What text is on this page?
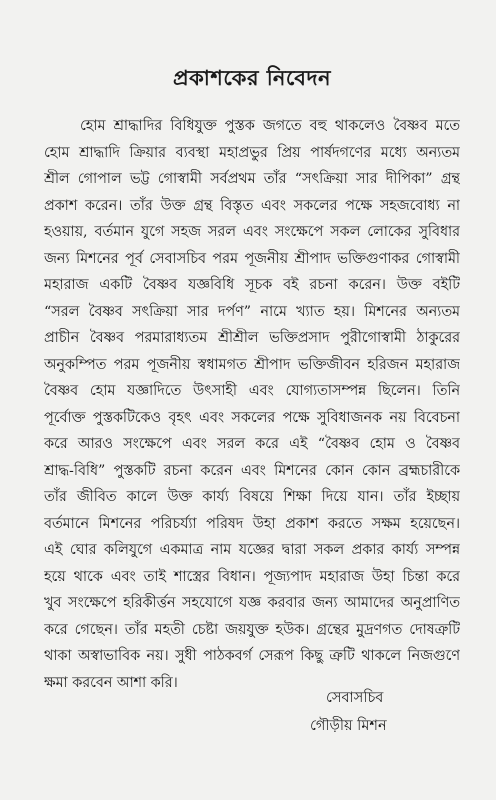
প্রকাশকের নিবেদন
হোম শ্রাদ্ধাদির বিধিযুক্ত পুস্তক জগতে বহু থাকলেও বৈষ্ণব মতে
হোম শ্রাদ্ধাদি ক্রিয়ার ব্যবস্থা মহাপ্রভুর প্রিয় পার্ষদগণের মধ্যে অন্যতম
শ্রীল গোপাল ভট্ট গোস্বামী সর্বপ্রথম তাঁর “সৎক্রিয়া সার দীপিকা” গ্রন্থ
প্রকাশ করেন। তাঁর উক্ত গ্রন্থ বিস্তৃত এবং সকলের পক্ষে সহজবোধ্য না
হওয়ায়, বর্তমান যুগে সহজ সরল এবং সংক্ষেপে সকল লোকের সুবিধার
জন্য মিশনের পূর্ব সেবাসচিব পরম পূজনীয় শ্রীপাদ ভক্তিগুণাকর গোস্বামী
মহারাজ একটি বৈষ্ণব যজ্ঞবিধি সূচক বই রচনা করেন। উক্ত বইটি
“সরল বৈষ্ণব সৎক্রিয়া সার দর্পণ” নামে খ্যাত হয়। মিশনের অন্যতম
প্রাচীন বৈষ্ণব পরমারাধ্যতম শ্রীশ্রীল ভক্তিপ্রসাদ পুরীগোস্বামী ঠাকুরের
অনুকম্পিত পরম পূজনীয় স্বধামগত শ্রীপাদ ভক্তিজীবন হরিজন মহারাজ
বৈষ্ণব হোম যজ্ঞাদিতে উৎসাহী এবং যোগ্যতাসম্পন্ন ছিলেন। তিনি
পূর্বোক্ত পুস্তকটিকেও বৃহৎ এবং সকলের পক্ষে সুবিধাজনক নয় বিবেচনা
করে আরও সংক্ষেপে এবং সরল করে এই “বৈষ্ণব হোম ও বৈষ্ণব
শ্রাদ্ধ-বিধি” পুস্তকটি রচনা করেন এবং মিশনের কোন কোন ব্রহ্মচারীকে
তাঁর জীবিত কালে উক্ত কার্য্য বিষয়ে শিক্ষা দিয়ে যান। তাঁর ইচ্ছায়
বর্তমানে মিশনের পরিচর্য্যা পরিষদ উহা প্রকাশ করতে সক্ষম হয়েছেন।
এই ঘোর কলিযুগে একমাত্র নাম যজ্ঞের দ্বারা সকল প্রকার কার্য্য সম্পন্ন
হয়ে থাকে এবং তাই শাস্ত্রের বিধান। পূজ্যপাদ মহারাজ উহা চিন্তা করে
খুব সংক্ষেপে হরিকীর্ত্তন সহযোগে যজ্ঞ করবার জন্য আমাদের অনুপ্রাণিত
করে গেছেন। তাঁর মহতী চেষ্টা জয়যুক্ত হউক। গ্রন্থের মুদ্রণগত দোষত্রুটি
থাকা অস্বাভাবিক নয়। সুধী পাঠকবর্গ সেরূপ কিছু ত্রুটি থাকলে নিজগুণে
ক্ষমা করবেন আশা করি।
সেবাসচিব
গৌড়ীয় মিশন
